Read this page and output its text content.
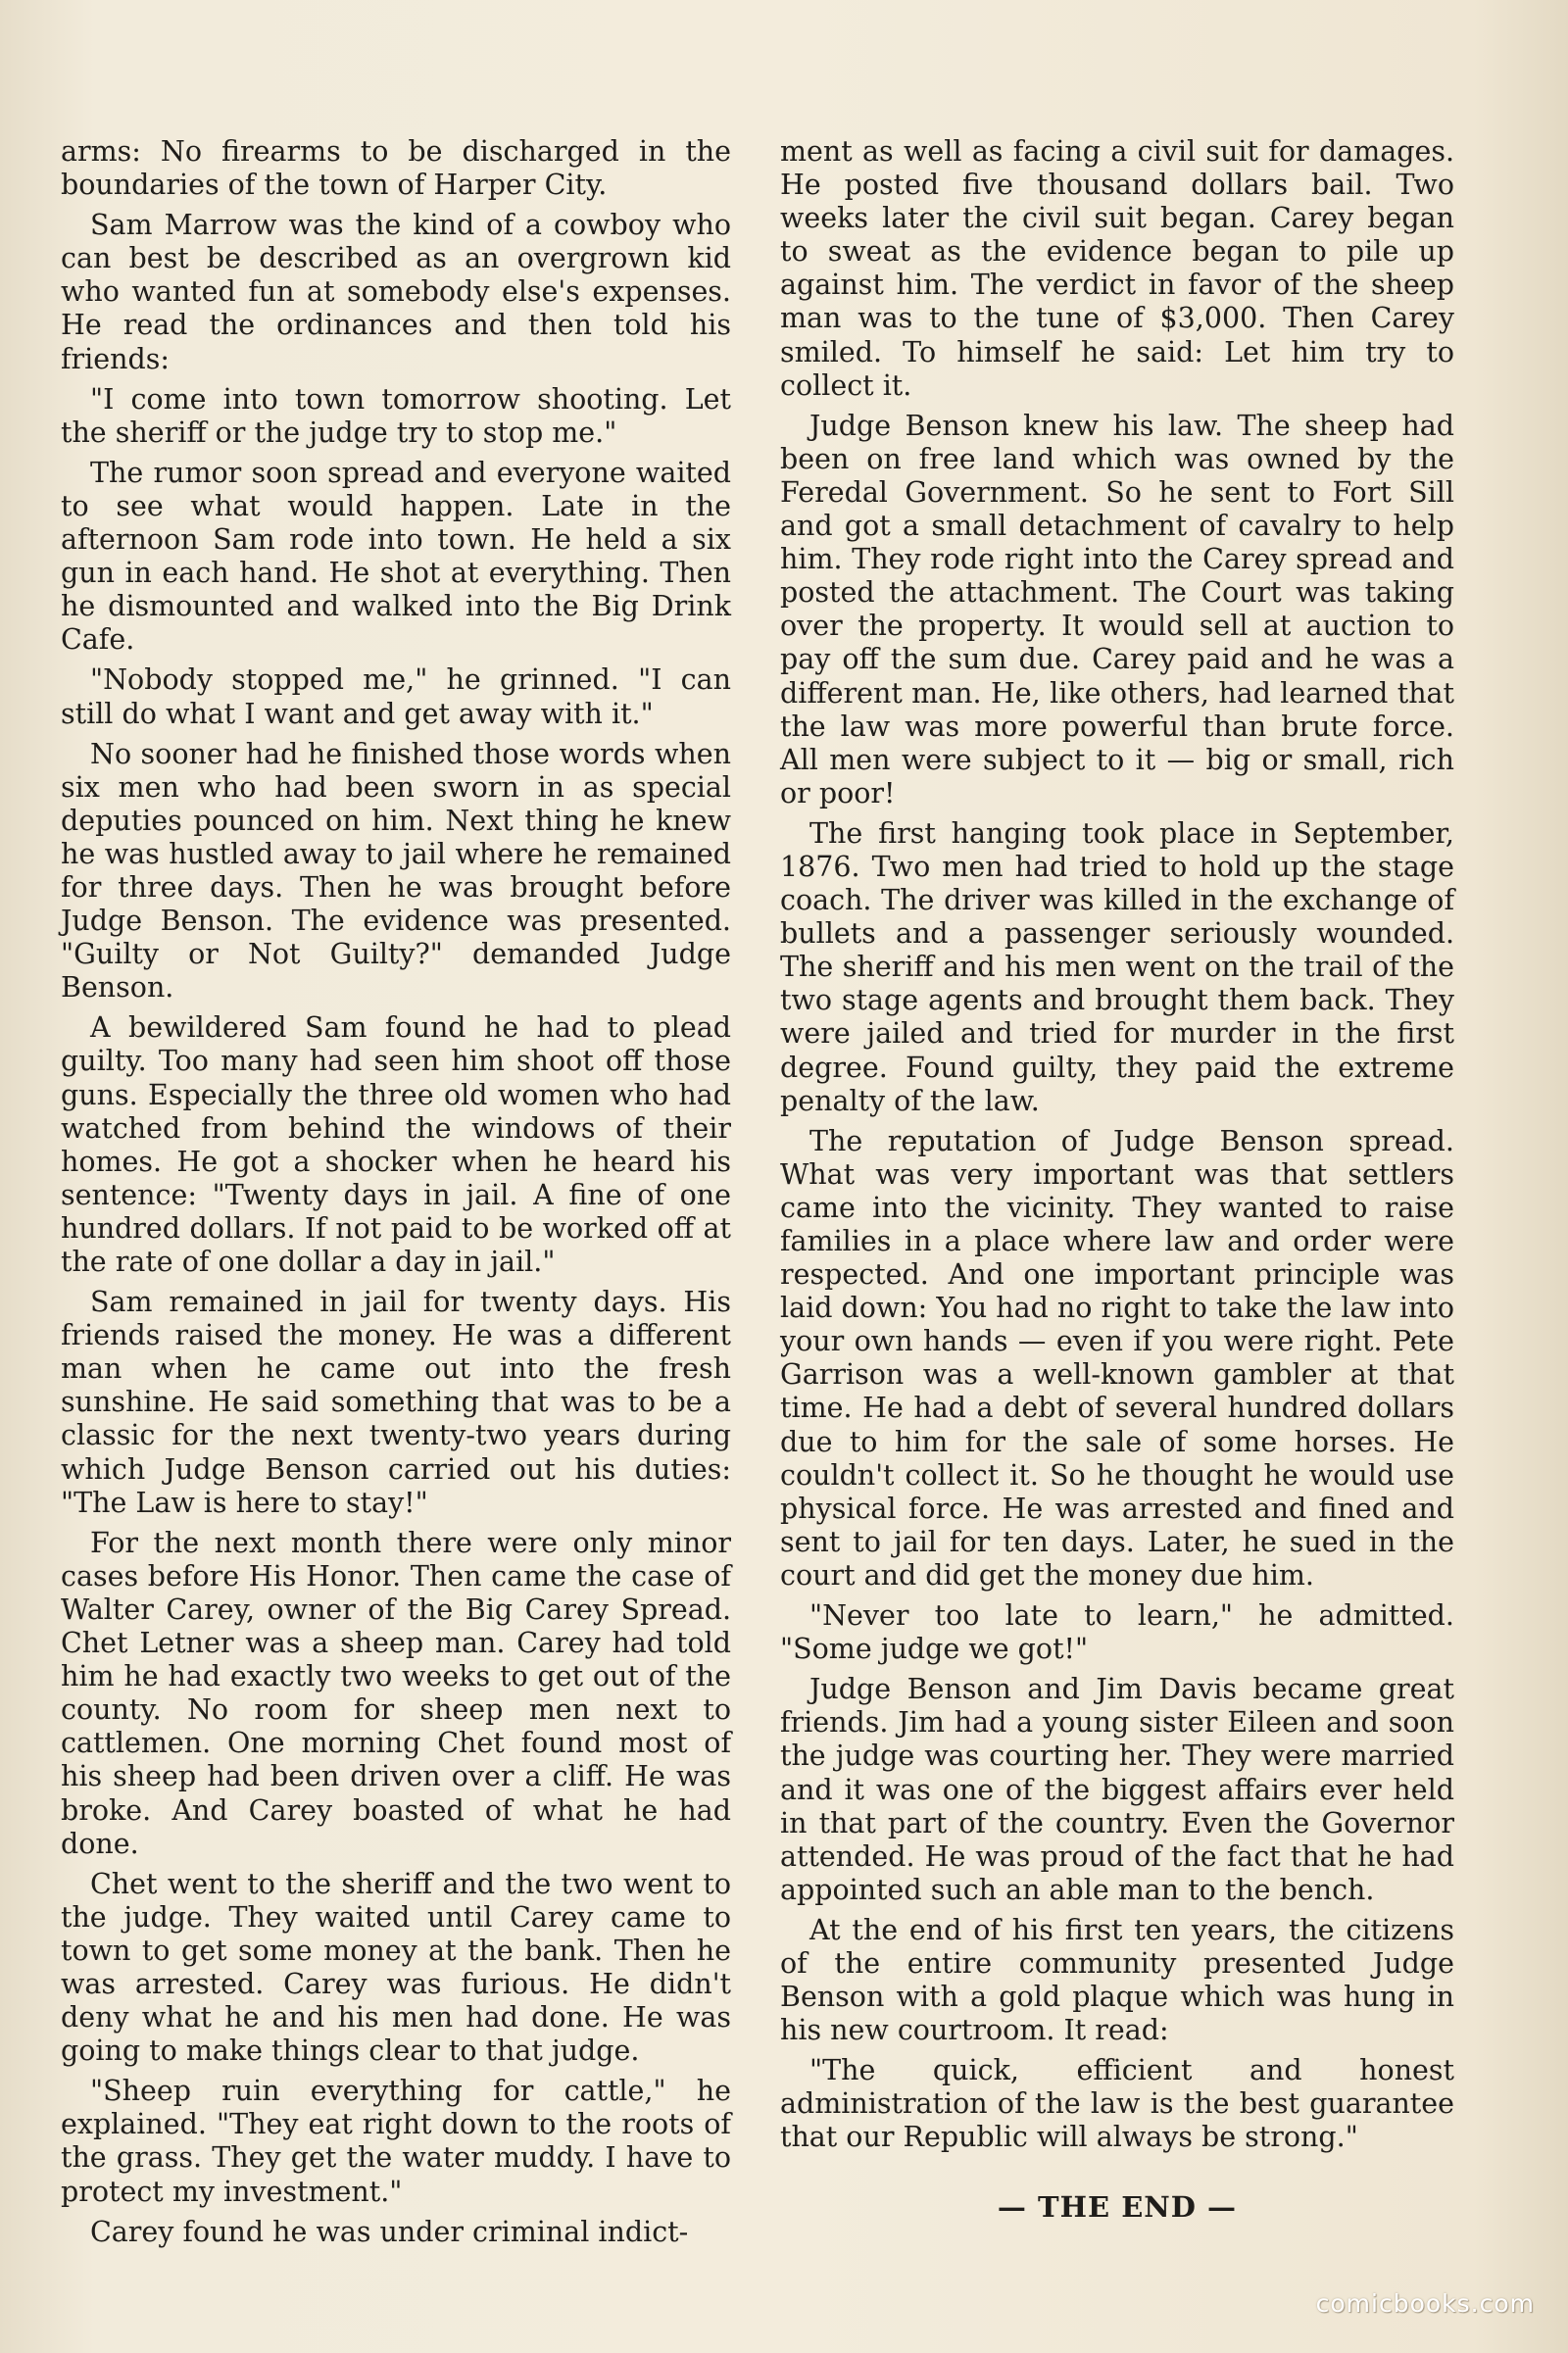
arms: No firearms to be discharged in the boundaries of the town of Harper City.

Sam Marrow was the kind of a cowboy who can best be described as an overgrown kid who wanted fun at somebody else's expenses. He read the ordinances and then told his friends:

"I come into town tomorrow shooting. Let the sheriff or the judge try to stop me."

The rumor soon spread and everyone waited to see what would happen. Late in the afternoon Sam rode into town. He held a six gun in each hand. He shot at everything. Then he dismounted and walked into the Big Drink Cafe.

"Nobody stopped me," he grinned. "I can still do what I want and get away with it."

No sooner had he finished those words when six men who had been sworn in as special deputies pounced on him. Next thing he knew he was hustled away to jail where he remained for three days. Then he was brought before Judge Benson. The evidence was presented. "Guilty or Not Guilty?" demanded Judge Benson.

A bewildered Sam found he had to plead guilty. Too many had seen him shoot off those guns. Especially the three old women who had watched from behind the windows of their homes. He got a shocker when he heard his sentence: "Twenty days in jail. A fine of one hundred dollars. If not paid to be worked off at the rate of one dollar a day in jail."

Sam remained in jail for twenty days. His friends raised the money. He was a different man when he came out into the fresh sunshine. He said something that was to be a classic for the next twenty-two years during which Judge Benson carried out his duties: "The Law is here to stay!"

For the next month there were only minor cases before His Honor. Then came the case of Walter Carey, owner of the Big Carey Spread. Chet Letner was a sheep man. Carey had told him he had exactly two weeks to get out of the county. No room for sheep men next to cattlemen. One morning Chet found most of his sheep had been driven over a cliff. He was broke. And Carey boasted of what he had done.

Chet went to the sheriff and the two went to the judge. They waited until Carey came to town to get some money at the bank. Then he was arrested. Carey was furious. He didn't deny what he and his men had done. He was going to make things clear to that judge.

"Sheep ruin everything for cattle," he explained. "They eat right down to the roots of the grass. They get the water muddy. I have to protect my investment."

Carey found he was under criminal indict-

ment as well as facing a civil suit for damages. He posted five thousand dollars bail. Two weeks later the civil suit began. Carey began to sweat as the evidence began to pile up against him. The verdict in favor of the sheep man was to the tune of $3,000. Then Carey smiled. To himself he said: Let him try to collect it.

Judge Benson knew his law. The sheep had been on free land which was owned by the Feredal Government. So he sent to Fort Sill and got a small detachment of cavalry to help him. They rode right into the Carey spread and posted the attachment. The Court was taking over the property. It would sell at auction to pay off the sum due. Carey paid and he was a different man. He, like others, had learned that the law was more powerful than brute force. All men were subject to it — big or small, rich or poor!

The first hanging took place in September, 1876. Two men had tried to hold up the stage coach. The driver was killed in the exchange of bullets and a passenger seriously wounded. The sheriff and his men went on the trail of the two stage agents and brought them back. They were jailed and tried for murder in the first degree. Found guilty, they paid the extreme penalty of the law.

The reputation of Judge Benson spread. What was very important was that settlers came into the vicinity. They wanted to raise families in a place where law and order were respected. And one important principle was laid down: You had no right to take the law into your own hands — even if you were right. Pete Garrison was a well-known gambler at that time. He had a debt of several hundred dollars due to him for the sale of some horses. He couldn't collect it. So he thought he would use physical force. He was arrested and fined and sent to jail for ten days. Later, he sued in the court and did get the money due him.

"Never too late to learn," he admitted. "Some judge we got!"

Judge Benson and Jim Davis became great friends. Jim had a young sister Eileen and soon the judge was courting her. They were married and it was one of the biggest affairs ever held in that part of the country. Even the Governor attended. He was proud of the fact that he had appointed such an able man to the bench.

At the end of his first ten years, the citizens of the entire community presented Judge Benson with a gold plaque which was hung in his new courtroom. It read:

"The quick, efficient and honest administration of the law is the best guarantee that our Republic will always be strong."

— THE END —
comicbooks.com
